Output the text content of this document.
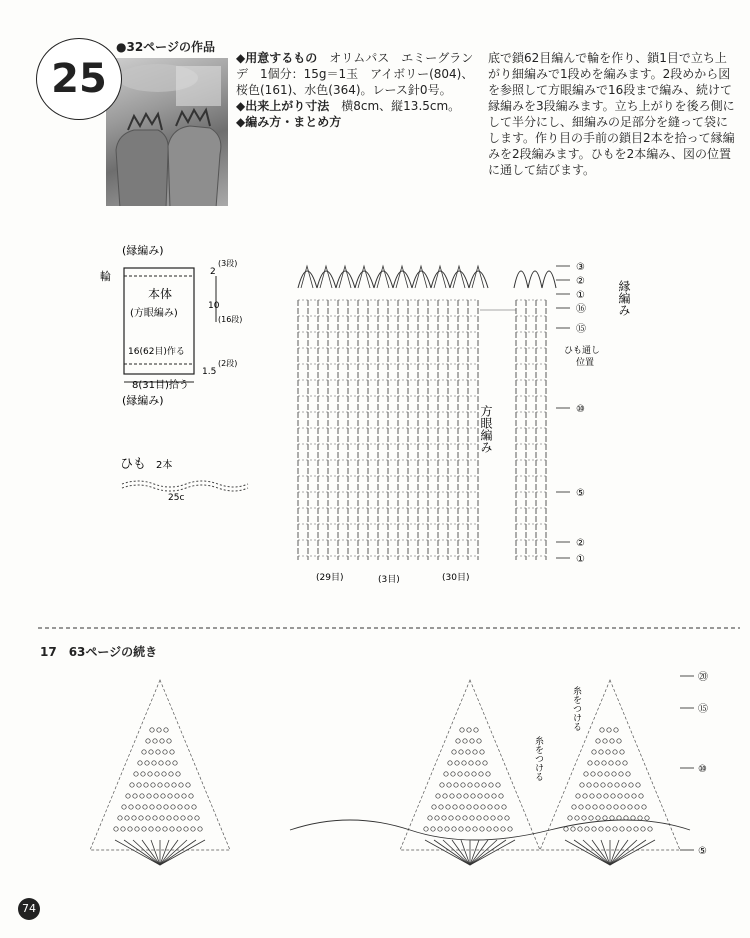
25
●32ページの作品
◆用意するもの　 オリムパス　エミーグランデ　1個分：15g＝1玉　アイボリー(804)、桜色(161)、水色(364)。レース針0号。
◆出来上がり寸法　 横8cm、縦13.5cm。
◆編み方・まとめ方
底で鎖62目編んで輪を作り、鎖1目で立ち上がり細編みで1段めを編みます。2段めから図を参照して方眼編みで16段まで編み、続けて縁編みを3段編みます。立ち上がりを後ろ側にして半分にし、細編みの足部分を縫って袋にします。作り目の手前の鎖目2本を拾って縁編みを2段編みます。ひもを2本編み、図の位置に通して結びます。
(縁編み)
輪
本体
(方眼編み)
16(62目)作る
2
(3段)
10
(16段)
1.5
(2段)
8(31目)拾う
(縁編み)
ひも 2本
25c
縁編み
方眼編み
ひも通し
位置
③
②
①
⑯
⑮
⑩
⑤
②
①
(29目)	(3目)	(30目)
17 63ページの続き
糸をつける
糸をつける
⑳
⑮
⑩
⑤
74
